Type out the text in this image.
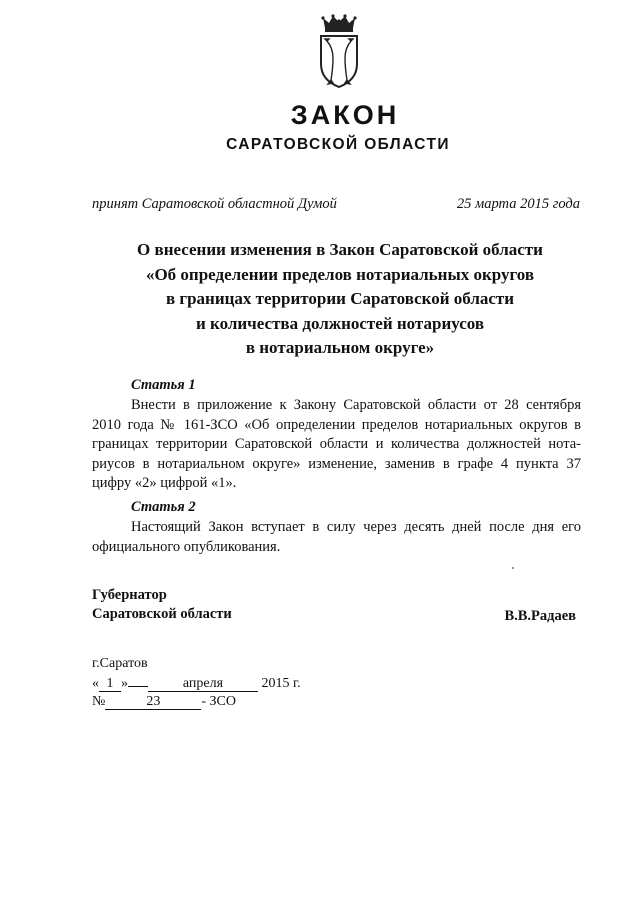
ЗАКОН
САРАТОВСКОЙ ОБЛАСТИ
принят Саратовской областной Думой	25 марта 2015 года
О внесении изменения в Закон Саратовской области
«Об определении пределов нотариальных округов
в границах территории Саратовской области
и количества должностей нотариусов
в нотариальном округе»
Статья 1
Внести в приложение к Закону Саратовской области от 28 сентября
2010 года № 161-ЗСО «Об определении пределов нотариальных округов в
границах территории Саратовской области и количества должностей нота-
риусов в нотариальном округе» изменение, заменив в графе 4 пункта 37
цифру «2» цифрой «1».
Статья 2
Настоящий Закон вступает в силу через десять дней после дня его
официального опубликования.
Губернатор
Саратовской области	В.В.Радаев
г.Саратов
« 1 »	апреля	2015 г.
№	23	- ЗСО
